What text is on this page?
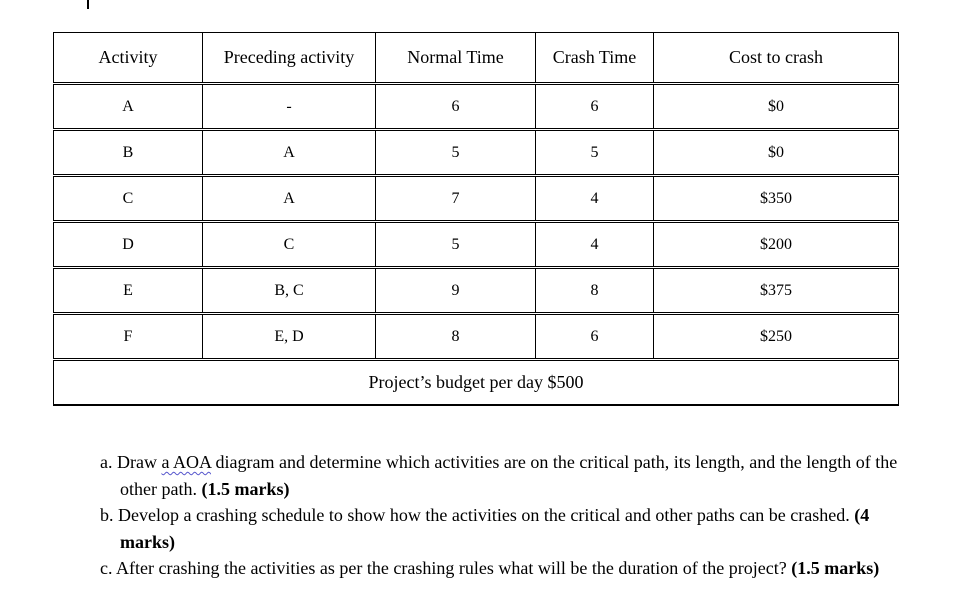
Activity	Preceding activity	Normal Time	Crash Time	Cost to crash
A	-	6	6	$0
B	A	5	5	$0
C	A	7	4	$350
D	C	5	4	$200
E	B, C	9	8	$375
F	E, D	8	6	$250
Project’s budget per day $500				

a. Draw a AOA diagram and determine which activities are on the critical path, its length, and the length of the other path. (1.5 marks)

b. Develop a crashing schedule to show how the activities on the critical and other paths can be crashed. (4 marks)

c. After crashing the activities as per the crashing rules what will be the duration of the project? (1.5 marks)
